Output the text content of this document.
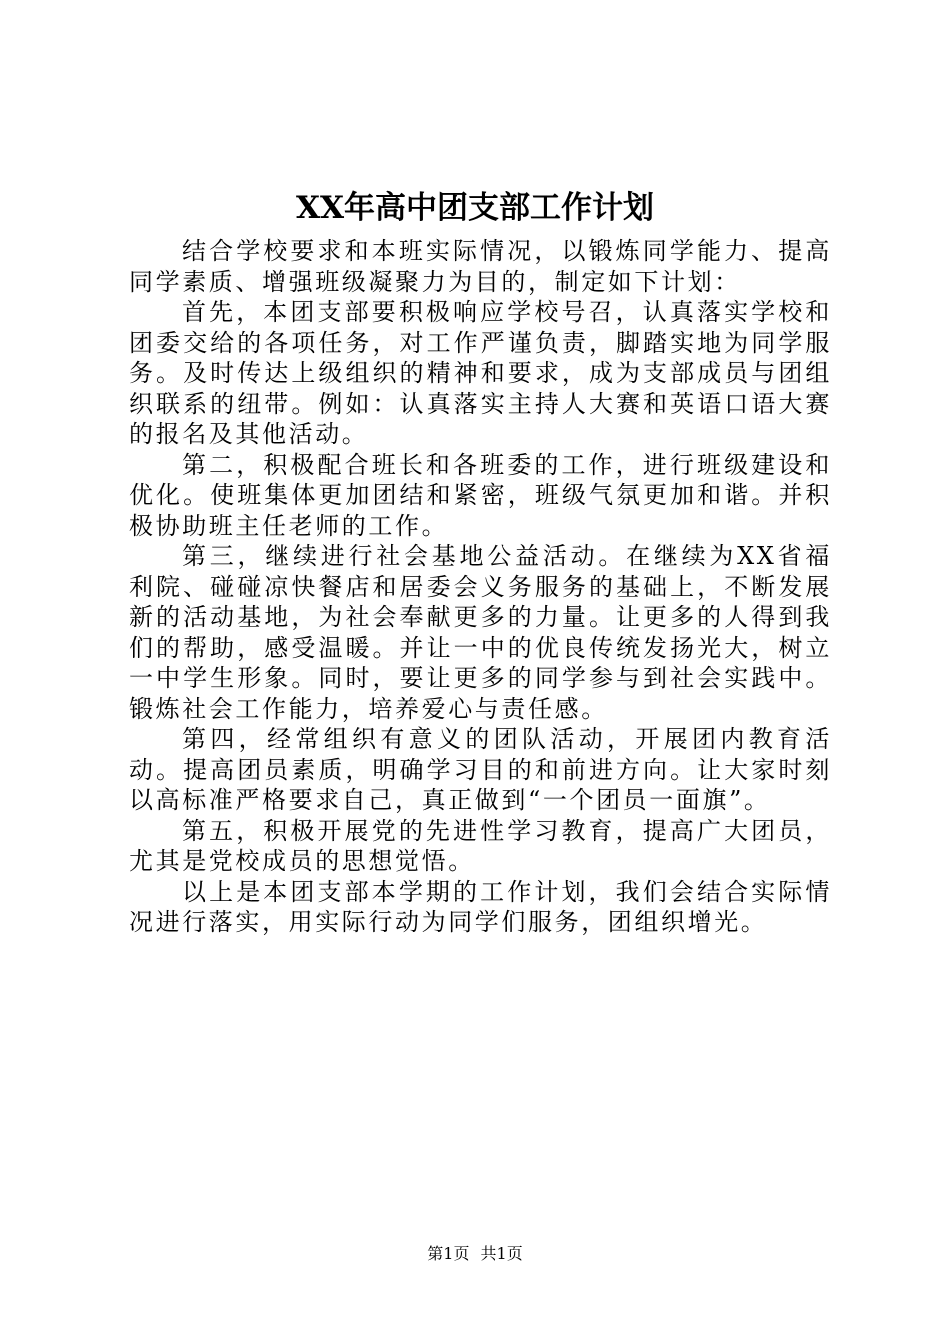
XX年高中团支部工作计划

结合学校要求和本班实际情况，以锻炼同学能力、提高同学素质、增强班级凝聚力为目的，制定如下计划：

首先，本团支部要积极响应学校号召，认真落实学校和团委交给的各项任务，对工作严谨负责，脚踏实地为同学服务。及时传达上级组织的精神和要求，成为支部成员与团组织联系的纽带。例如：认真落实主持人大赛和英语口语大赛的报名及其他活动。

第二，积极配合班长和各班委的工作，进行班级建设和优化。使班集体更加团结和紧密，班级气氛更加和谐。并积极协助班主任老师的工作。

第三，继续进行社会基地公益活动。在继续为XX省福利院、碰碰凉快餐店和居委会义务服务的基础上，不断发展新的活动基地，为社会奉献更多的力量。让更多的人得到我们的帮助，感受温暖。并让一中的优良传统发扬光大，树立一中学生形象。同时，要让更多的同学参与到社会实践中。锻炼社会工作能力，培养爱心与责任感。

第四，经常组织有意义的团队活动，开展团内教育活动。提高团员素质，明确学习目的和前进方向。让大家时刻以高标准严格要求自己，真正做到“一个团员一面旗”。

第五，积极开展党的先进性学习教育，提高广大团员，尤其是党校成员的思想觉悟。

以上是本团支部本学期的工作计划，我们会结合实际情况进行落实，用实际行动为同学们服务，团组织增光。

第1页 共1页
